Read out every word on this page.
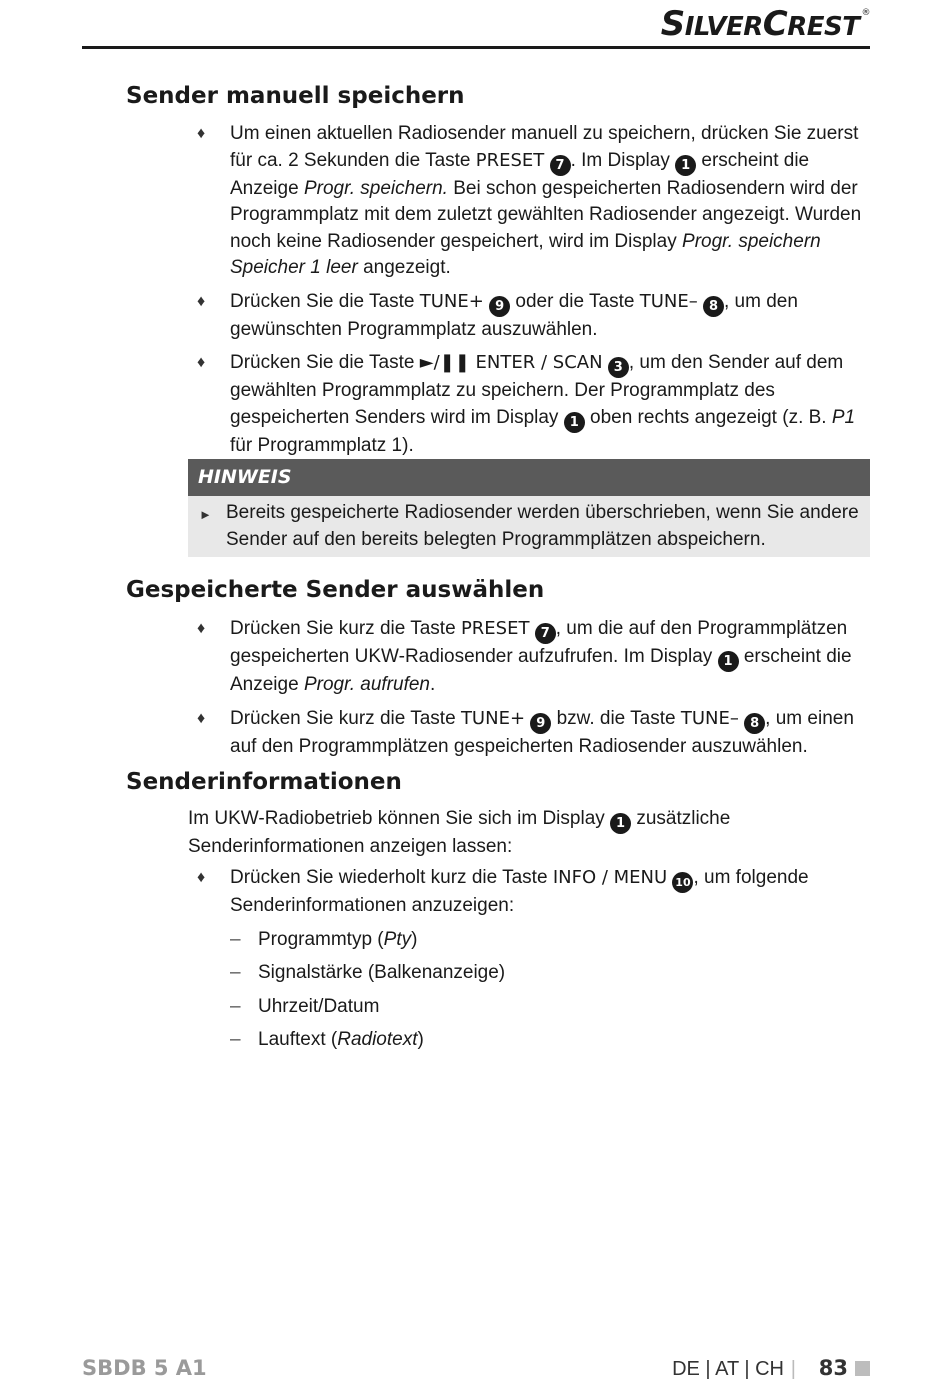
SILVERCREST ®
Sender manuell speichern
♦ Um einen aktuellen Radiosender manuell zu speichern, drücken Sie zuerst für ca. 2 Sekunden die Taste PRESET 7 . Im Display 1 erscheint die Anzeige Progr. speichern. Bei schon gespeicherten Radiosendern wird der Programmplatz mit dem zuletzt gewählten Radiosender angezeigt. Wurden noch keine Radiosender gespeichert, wird im Display Progr. speichern Speicher 1 leer angezeigt.
♦ Drücken Sie die Taste TUNE+ 9 oder die Taste TUNE– 8 , um den gewünschten Programmplatz auszuwählen.
♦ Drücken Sie die Taste ►/❚❚ ENTER / SCAN 3 , um den Sender auf dem gewählten Programmplatz zu speichern. Der Programmplatz des gespeicherten Senders wird im Display 1 oben rechts angezeigt (z. B. P1 für Programmplatz 1).
HINWEIS
► Bereits gespeicherte Radiosender werden überschrieben, wenn Sie andere Sender auf den bereits belegten Programmplätzen abspeichern.
Gespeicherte Sender auswählen
♦ Drücken Sie kurz die Taste PRESET 7 , um die auf den Programmplätzen gespeicherten UKW-Radiosender aufzufrufen. Im Display 1 erscheint die Anzeige Progr. aufrufen.
♦ Drücken Sie kurz die Taste TUNE+ 9 bzw. die Taste TUNE– 8 , um einen auf den Programmplätzen gespeicherten Radiosender auszuwählen.
Senderinformationen
Im UKW-Radiobetrieb können Sie sich im Display 1 zusätzliche Senderinformationen anzeigen lassen:
♦ Drücken Sie wiederholt kurz die Taste INFO / MENU 10 , um folgende Senderinformationen anzuzeigen:
– Programmtyp (Pty)
– Signalstärke (Balkenanzeige)
– Uhrzeit/Datum
– Lauftext (Radiotext)
SBDB 5 A1	DE | AT | CH | 83
